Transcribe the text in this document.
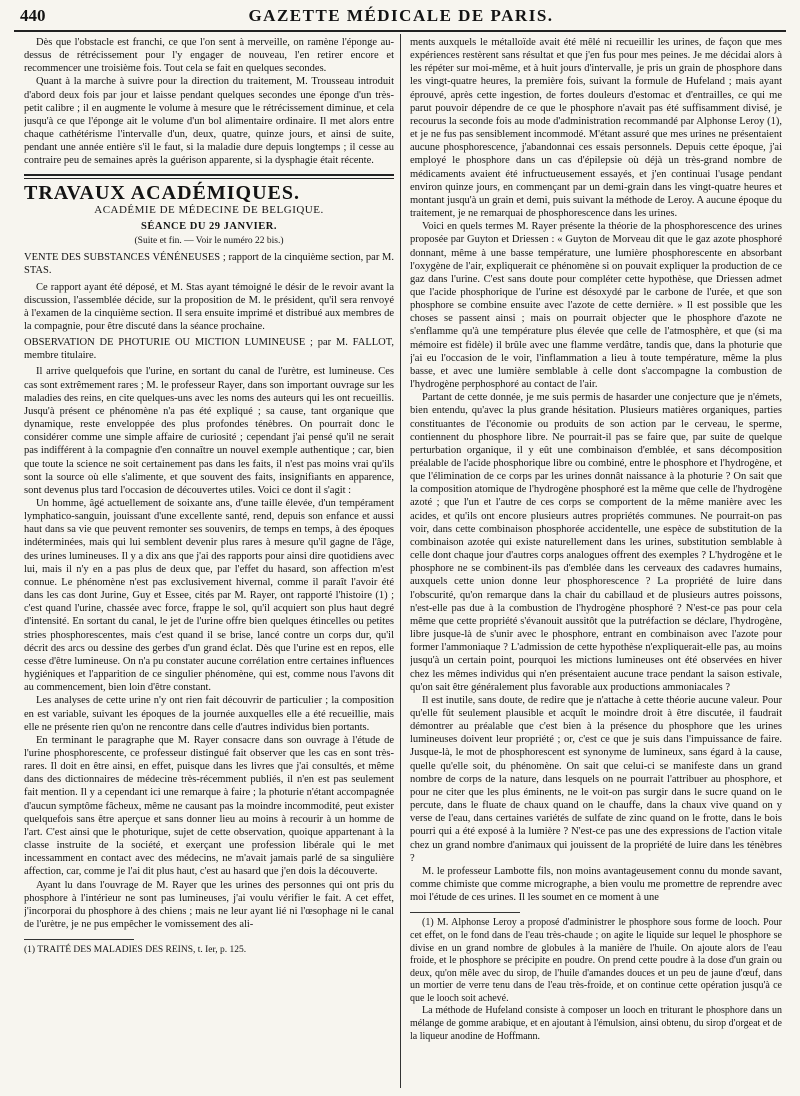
440	GAZETTE MÉDICALE DE PARIS.

Dès que l'obstacle est franchi, ce que l'on sent à merveille, on ramène l'éponge au-dessus de rétrécissement pour l'y engager de nouveau, l'en retirer encore et recommencer une troisième fois. Tout cela se fait en quelques secondes.

Quant à la marche à suivre pour la direction du traitement, M. Trousseau introduit d'abord deux fois par jour et laisse pendant quelques secondes une éponge d'un très-petit calibre ; il en augmente le volume à mesure que le rétrécissement diminue, et cela jusqu'à ce que l'éponge ait le volume d'un bol alimentaire ordinaire. Il met alors entre chaque cathétérisme l'intervalle d'un, deux, quatre, quinze jours, et ainsi de suite, pendant une année entière s'il le faut, si la maladie dure depuis longtemps ; il cesse au contraire peu de semaines après la guérison apparente, si la dysphagie était récente.

TRAVAUX ACADÉMIQUES.
ACADÉMIE DE MÉDECINE DE BELGIQUE.
SÉANCE DU 29 JANVIER.
(Suite et fin. — Voir le numéro 22 bis.)
VENTE DES SUBSTANCES VÉNÉNEUSES ; rapport de la cinquième section, par M. STAS.

Ce rapport ayant été déposé, et M. Stas ayant témoigné le désir de le revoir avant la discussion, l'assemblée décide, sur la proposition de M. le président, qu'il sera renvoyé à l'examen de la cinquième section. Il sera ensuite imprimé et distribué aux membres de la compagnie, pour être discuté dans la séance prochaine.

OBSERVATION DE PHOTURIE OU MICTION LUMINEUSE ; par M. FALLOT, membre titulaire.

Il arrive quelquefois que l'urine, en sortant du canal de l'urètre, est lumineuse. Ces cas sont extrêmement rares ; M. le professeur Rayer, dans son important ouvrage sur les maladies des reins, en cite quelques-uns avec les noms des auteurs qui les ont recueillis. Jusqu'à présent ce phénomène n'a pas été expliqué ; sa cause, tant organique que dynamique, reste enveloppée des plus profondes ténèbres. On pourrait donc le considérer comme une simple affaire de curiosité ; cependant j'ai pensé qu'il ne serait pas indifférent à la compagnie d'en connaître un nouvel exemple authentique ; car, bien que toute la science ne soit certainement pas dans les faits, il n'est pas moins vrai qu'ils sont la source où elle s'alimente, et que souvent des faits, insignifiants en apparence, sont devenus plus tard l'occasion de découvertes utiles. Voici ce dont il s'agit :

Un homme, âgé actuellement de soixante ans, d'une taille élevée, d'un tempérament lymphatico-sanguin, jouissant d'une excellente santé, rend, depuis son enfance et aussi haut dans sa vie que peuvent remonter ses souvenirs, de temps en temps, à des époques indéterminées, mais qui lui semblent devenir plus rares à mesure qu'il gagne de l'âge, des urines lumineuses. Il y a dix ans que j'ai des rapports pour ainsi dire quotidiens avec lui, mais il n'y en a pas plus de deux que, par l'effet du hasard, son affection m'est connue. Le phénomène n'est pas exclusivement hivernal, comme il paraît l'avoir été dans les cas dont Jurine, Guy et Essee, cités par M. Rayer, ont rapporté l'histoire (1) ; c'est quand l'urine, chassée avec force, frappe le sol, qu'il acquiert son plus haut degré d'intensité. En sortant du canal, le jet de l'urine offre bien quelques étincelles ou petites stries phosphorescentes, mais c'est quand il se brise, lancé contre un corps dur, qu'il décrit des arcs ou dessine des gerbes d'un grand éclat. Dès que l'urine est en repos, elle cesse d'être lumineuse. On n'a pu constater aucune corrélation entre certaines influences hygiéniques et l'apparition de ce singulier phénomène, qui est, comme nous l'avons dit au commencement, bien loin d'être constant.

Les analyses de cette urine n'y ont rien fait découvrir de particulier ; la composition en est variable, suivant les époques de la journée auxquelles elle a été recueillie, mais elle ne présente rien qu'on ne rencontre dans celle d'autres individus bien portants.

En terminant le paragraphe que M. Rayer consacre dans son ouvrage à l'étude de l'urine phosphorescente, ce professeur distingué fait observer que les cas en sont très-rares. Il doit en être ainsi, en effet, puisque dans les livres que j'ai consultés, et même dans des dictionnaires de médecine très-récemment publiés, il n'en est pas seulement fait mention. Il y a cependant ici une remarque à faire ; la photurie n'étant accompagnée d'aucun symptôme fâcheux, même ne causant pas la moindre incommodité, peut exister quelquefois sans être aperçue et sans donner lieu au moins à recourir à un homme de l'art. C'est ainsi que le photurique, sujet de cette observation, quoique appartenant à la classe instruite de la société, et exerçant une profession libérale qui le met incessamment en contact avec des médecins, ne m'avait jamais parlé de sa singulière affection, car, comme je l'ai dit plus haut, c'est au hasard que j'en dois la découverte.

Ayant lu dans l'ouvrage de M. Rayer que les urines des personnes qui ont pris du phosphore à l'intérieur ne sont pas lumineuses, j'ai voulu vérifier le fait. A cet effet, j'incorporai du phosphore à des chiens ; mais ne leur ayant lié ni l'œsophage ni le canal de l'urètre, je ne pus empêcher le vomissement des ali-

(1) TRAITÉ DES MALADIES DES REINS, t. Ier, p. 125.

ments auxquels le métalloïde avait été mêlé ni recueillir les urines, de façon que mes expériences restèrent sans résultat et que j'en fus pour mes peines. Je me décidai alors à les répéter sur moi-même, et à huit jours d'intervalle, je pris un grain de phosphore dans les vingt-quatre heures, la première fois, suivant la formule de Hufeland ; mais ayant éprouvé, après cette ingestion, de fortes douleurs d'estomac et d'entrailles, ce qui me parut pouvoir dépendre de ce que le phosphore n'avait pas été suffisamment divisé, je recourus la seconde fois au mode d'administration recommandé par Alphonse Leroy (1), et je ne fus pas sensiblement incommodé. M'étant assuré que mes urines ne présentaient aucune phosphorescence, j'abandonnai ces essais personnels. Depuis cette époque, j'ai employé le phosphore dans un cas d'épilepsie où déjà un très-grand nombre de médicaments avaient été infructueusement essayés, et j'en continuai l'usage pendant environ quinze jours, en commençant par un demi-grain dans les vingt-quatre heures et montant jusqu'à un grain et demi, puis suivant la méthode de Leroy. A aucune époque du traitement, je ne remarquai de phosphorescence dans les urines.

Voici en quels termes M. Rayer présente la théorie de la phosphorescence des urines proposée par Guyton et Driessen : « Guyton de Morveau dit que le gaz azote phosphoré donnant, même à une basse température, une lumière phosphorescente en absorbant l'oxygène de l'air, expliquerait ce phénomène si on pouvait expliquer la production de ce gaz dans l'urine. C'est sans doute pour compléter cette hypothèse, que Driessen admet que l'acide phosphorique de l'urine est désoxydé par le carbone de l'urée, et que son phosphore se combine ensuite avec l'azote de cette dernière. » Il est possible que les choses se passent ainsi ; mais on pourrait objecter que le phosphore d'azote ne s'enflamme qu'à une température plus élevée que celle de l'atmosphère, et que (si ma mémoire est fidèle) il brûle avec une flamme verdâtre, tandis que, dans la photurie que j'ai eu l'occasion de le voir, l'inflammation a lieu à toute température, même la plus basse, et avec une lumière semblable à celle dont s'accompagne la combustion de l'hydrogène perphosphoré au contact de l'air.

Partant de cette donnée, je me suis permis de hasarder une conjecture que je n'émets, bien entendu, qu'avec la plus grande hésitation. Plusieurs matières organiques, parties constituantes de l'économie ou produits de son action par le cerveau, le sperme, contiennent du phosphore libre. Ne pourrait-il pas se faire que, par suite de quelque perturbation organique, il y eût une combinaison d'emblée, et sans décomposition préalable de l'acide phosphorique libre ou combiné, entre le phosphore et l'hydrogène, et que l'élimination de ce corps par les urines donnât naissance à la photurie ? On sait que la composition atomique de l'hydrogène phosphoré est la même que celle de l'hydrogène azoté ; que l'un et l'autre de ces corps se comportent de la même manière avec les acides, et qu'ils ont encore plusieurs autres propriétés communes. Ne pourrait-on pas voir, dans cette combinaison phosphorée accidentelle, une espèce de substitution de la combinaison azotée qui existe naturellement dans les urines, substitution semblable à celle dont chaque jour d'autres corps analogues offrent des exemples ? L'hydrogène et le phosphore ne se combinent-ils pas d'emblée dans les cerveaux des cadavres humains, auxquels cette union donne leur phosphorescence ? La propriété de luire dans l'obscurité, qu'on remarque dans la chair du cabillaud et de plusieurs autres poissons, n'est-elle pas due à la combustion de l'hydrogène phosphoré ? N'est-ce pas pour cela même que cette propriété s'évanouit aussitôt que la putréfaction se déclare, l'hydrogène, libre jusque-là de s'unir avec le phosphore, entrant en combinaison avec l'azote pour former l'ammoniaque ? L'admission de cette hypothèse n'expliquerait-elle pas, au moins jusqu'à un certain point, pourquoi les mictions lumineuses ont été observées en hiver chez les mêmes individus qui n'en présentaient aucune trace pendant la saison estivale, qu'on sait être généralement plus favorable aux productions ammoniacales ?

Il est inutile, sans doute, de redire que je n'attache à cette théorie aucune valeur. Pour qu'elle fût seulement plausible et acquît le moindre droit à être discutée, il faudrait démontrer au préalable que c'est bien à la présence du phosphore que les urines lumineuses doivent leur propriété ; or, c'est ce que je suis dans l'impuissance de faire. Jusque-là, le mot de phosphorescent est synonyme de lumineux, sans égard à la cause, quelle qu'elle soit, du phénomène. On sait que celui-ci se manifeste dans un grand nombre de corps de la nature, dans lesquels on ne pourrait l'attribuer au phosphore, et pour ne citer que les plus éminents, ne le voit-on pas surgir dans le sucre quand on le percute, dans le fluate de chaux quand on le chauffe, dans la chaux vive quand on y verse de l'eau, dans certaines variétés de sulfate de zinc quand on le frotte, dans le bois pourri qui a été exposé à la lumière ? N'est-ce pas une des expressions de l'action vitale chez un grand nombre d'animaux qui jouissent de la propriété de luire dans les ténèbres ?

M. le professeur Lambotte fils, non moins avantageusement connu du monde savant, comme chimiste que comme micrographe, a bien voulu me promettre de reprendre avec moi l'étude de ces urines. Il les soumet en ce moment à une

(1) M. Alphonse Leroy a proposé d'administrer le phosphore sous forme de looch. Pour cet effet, on le fond dans de l'eau très-chaude ; on agite le liquide sur lequel le phosphore se divise en un grand nombre de globules à la manière de l'huile. On ajoute alors de l'eau froide, et le phosphore se précipite en poudre. On prend cette poudre à la dose d'un grain ou deux, qu'on mêle avec du sirop, de l'huile d'amandes douces et un peu de jaune d'œuf, dans un mortier de verre tenu dans de l'eau très-froide, et on continue cette opération jusqu'à ce que le looch soit achevé.

La méthode de Hufeland consiste à composer un looch en triturant le phosphore dans un mélange de gomme arabique, et en ajoutant à l'émulsion, ainsi obtenu, du sirop d'orgeat et de la liqueur anodine de Hoffmann.
